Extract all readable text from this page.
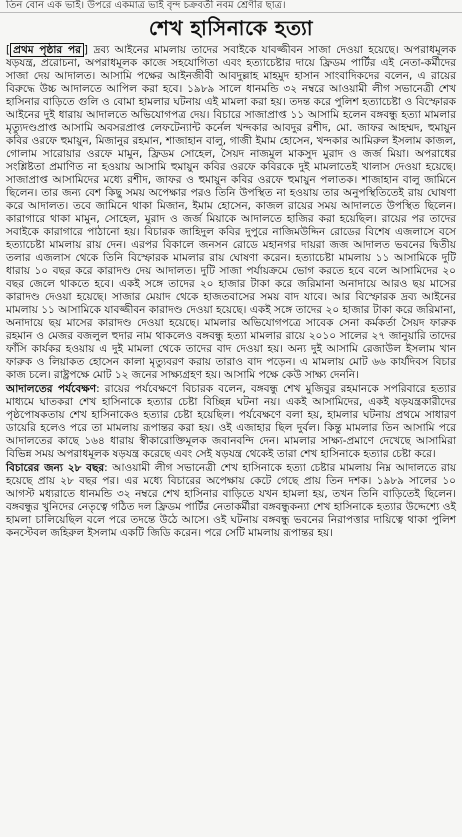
তিন বোন এক ভাই। উপরে একমাত্র ভাই বৃন্দ চক্রবর্তী নবম শ্রেণীর ছাত্র।
শেখ হাসিনাকে হত্যা

[ প্রথম পৃষ্ঠার পর ] দ্রব্য আইনের মামলায় তাদের সবাইকে যাবজ্জীবন সাজা দেওয়া হয়েছে। অপরাধমূলক ষড়যন্ত্র, প্ররোচনা, অপরাধমূলক কাজে সহযোগিতা এবং হত্যাচেষ্টার দায়ে ফ্রিডম পার্টির এই নেতা-কর্মীদের সাজা দেয় আদালত। আসামি পক্ষের আইনজীবী আবদুল্লাহ মাহমুদ হাসান সাংবাদিকদের বলেন, এ রায়ের বিরুদ্ধে উচ্চ আদালতে আপিল করা হবে। ১৯৮৯ সালে ধানমন্ডি ৩২ নম্বরে আওয়ামী লীগ সভানেত্রী শেখ হাসিনার বাড়িতে গুলি ও বোমা হামলার ঘটনায় এই মামলা করা হয়। তদন্ত করে পুলিশ হত্যাচেষ্টা ও বিস্ফোরক আইনের দুই ধারায় আদালতে অভিযোগপত্র দেয়। বিচারে সাজাপ্রাপ্ত ১১ আসামি হলেন বঙ্গবন্ধু হত্যা মামলার মৃত্যুদণ্ডপ্রাপ্ত আসামি অবসরপ্রাপ্ত লেফটেন্যান্ট কর্নেল খন্দকার আবদুর রশীদ, মো. জাফর আহম্মদ, হুমায়ুন কবির ওরফে হুমায়ুন, মিজানুর রহমান, শাজাহান বালু, গাজী ইমাম হোসেন, খন্দকার আমিরুল ইসলাম কাজল, গোলাম সারোয়ার ওরফে মামুন, ফ্রিডম সোহেল, সৈয়দ নাজমুল মাকসুদ মুরাদ ও জর্জ মিয়া। অপরাধের সংশ্লিষ্টতা প্রমাণিত না হওয়ায় আসামি হুমায়ুন কবির ওরফে কবিরকে দুই মামলাতেই খালাস দেওয়া হয়েছে। সাজাপ্রাপ্ত আসামিদের মধ্যে রশীদ, জাফর ও হুমায়ুন কবির ওরফে হুমায়ুন পলাতক। শাজাহান বালু জামিনে ছিলেন। তার জন্য বেশ কিছু সময় অপেক্ষার পরও তিনি উপস্থিত না হওয়ায় তার অনুপস্থিতিতেই রায় ঘোষণা করে আদালত। তবে জামিনে থাকা মিজান, ইমাম হোসেন, কাজল রায়ের সময় আদালতে উপস্থিত ছিলেন। কারাগারে থাকা মামুন, সোহেল, মুরাদ ও জর্জ মিয়াকে আদালতে হাজির করা হয়েছিল। রায়ের পর তাদের সবাইকে কারাগারে পাঠানো হয়। বিচারক জাহিদুল কবির দুপুরে নাজিমউদ্দিন রোডের বিশেষ এজলাসে বসে হত্যাচেষ্টা মামলায় রায় দেন। এরপর বিকালে জনসন রোডে মহানগর দায়রা জজ আদালত ভবনের দ্বিতীয় তলার এজলাস থেকে তিনি বিস্ফোরক মামলার রায় ঘোষণা করেন। হত্যাচেষ্টা মামলায় ১১ আসামিকে দুটি ধারায় ১০ বছর করে কারাদণ্ড দেয় আদালত। দুটি সাজা পর্যায়ক্রমে ভোগ করতে হবে বলে আসামিদের ২০ বছর জেলে থাকতে হবে। একই সঙ্গে তাদের ২০ হাজার টাকা করে জরিমানা অনাদায়ে আরও ছয় মাসের কারাদণ্ড দেওয়া হয়েছে। সাজার মেয়াদ থেকে হাজতবাসের সময় বাদ যাবে। আর বিস্ফোরক দ্রব্য আইনের মামলায় ১১ আসামিকে যাবজ্জীবন কারাদণ্ড দেওয়া হয়েছে। একই সঙ্গে তাদের ২০ হাজার টাকা করে জরিমানা, অনাদায়ে ছয় মাসের কারাদণ্ড দেওয়া হয়েছে। মামলার অভিযোগপত্রে সাবেক সেনা কর্মকর্তা সৈয়দ ফারুক রহমান ও মেজর বজলুল হুদার নাম থাকলেও বঙ্গবন্ধু হত্যা মামলার রায়ে ২০১০ সালের ২৭ জানুয়ারি তাদের ফাঁসি কার্যকর হওয়ায় এ দুই মামলা থেকে তাদের বাদ দেওয়া হয়। অন্য দুই আসামি রেজাউল ইসলাম খান ফারুক ও লিয়াকত হোসেন কালা মৃত্যুবরণ করায় তারাও বাদ পড়েন। এ মামলায় মোট ৬৬ কার্যদিবস বিচার কাজ চলে। রাষ্ট্রপক্ষে মোট ১২ জনের সাক্ষ্যগ্রহণ হয়। আসামি পক্ষে কেউ সাক্ষ্য দেননি।

আদালতের পর্যবেক্ষণ: রায়ের পর্যবেক্ষণে বিচারক বলেন, বঙ্গবন্ধু শেখ মুজিবুর রহমানকে সপরিবারে হত্যার মাধ্যমে ঘাতকরা শেখ হাসিনাকে হত্যার চেষ্টা বিচ্ছিন্ন ঘটনা নয়। একই আসামিদের, একই ষড়যন্ত্রকারীদের পৃষ্ঠপোষকতায় শেখ হাসিনাকেও হত্যার চেষ্টা হয়েছিল। পর্যবেক্ষণে বলা হয়, হামলার ঘটনায় প্রথমে সাধারণ ডায়েরি হলেও পরে তা মামলায় রূপান্তর করা হয়। ওই এজাহার ছিল দুর্বল। কিন্তু মামলার তিন আসামি পরে আদালতের কাছে ১৬৪ ধারায় স্বীকারোক্তিমূলক জবানবন্দি দেন। মামলার সাক্ষ্য-প্রমাণে দেখেছে আসামিরা বিভিন্ন সময় অপরাধমূলক ষড়যন্ত্র করেছে এবং সেই ষড়যন্ত্র থেকেই তারা শেখ হাসিনাকে হত্যার চেষ্টা করে।

বিচারের জন্য ২৮ বছর: আওয়ামী লীগ সভানেত্রী শেখ হাসিনাকে হত্যা চেষ্টার মামলায় নিম্ন আদালতে রায় হয়েছে প্রায় ২৮ বছর পর। এর মধ্যে বিচারের অপেক্ষায় কেটে গেছে প্রায় তিন দশক। ১৯৮৯ সালের ১০ আগস্ট মধ্যরাতে ধানমন্ডি ৩২ নম্বরে শেখ হাসিনার বাড়িতে যখন হামলা হয়, তখন তিনি বাড়িতেই ছিলেন। বঙ্গবন্ধুর খুনিদের নেতৃত্বে গঠিত দল ফ্রিডম পার্টির নেতাকর্মীরা বঙ্গবন্ধুকন্যা শেখ হাসিনাকে হত্যার উদ্দেশ্যে ওই হামলা চালিয়েছিল বলে পরে তদন্তে উঠে আসে। ওই ঘটনায় বঙ্গবন্ধু ভবনের নিরাপত্তার দায়িত্বে থাকা পুলিশ কনস্টেবল জহিরুল ইসলাম একটি জিডি করেন। পরে সেটি মামলায় রূপান্তর হয়।
